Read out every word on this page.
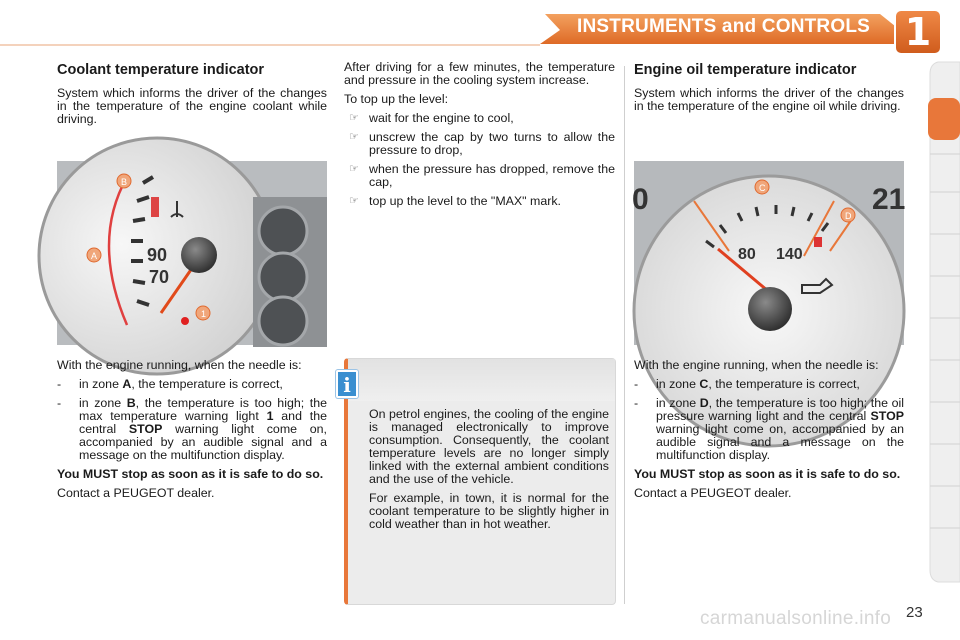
INSTRUMENTS and CONTROLS 1
Coolant temperature indicator

System which informs the driver of the changes in the temperature of the engine coolant while driving.

90
70
B
A
1

With the engine running, when the needle is:

-	in zone A, the temperature is correct,
-	in zone B, the temperature is too high; the max temperature warning light 1 and the central STOP warning light come on, accompanied by an audible signal and a message on the multifunction display.

You MUST stop as soon as it is safe to do so.

Contact a PEUGEOT dealer.

After driving for a few minutes, the temperature and pressure in the cooling system increase.

To top up the level:

☞ wait for the engine to cool,
☞ unscrew the cap by two turns to allow the pressure to drop,
☞ when the pressure has dropped, remove the cap,
☞ top up the level to the "MAX" mark.
i

On petrol engines, the cooling of the engine is managed electronically to improve consumption. Consequently, the coolant temperature levels are no longer simply linked with the external ambient conditions and the use of the vehicle.

For example, in town, it is normal for the coolant temperature to be slightly higher in cold weather than in hot weather.

Engine oil temperature indicator

System which informs the driver of the changes in the temperature of the engine oil while driving.

0	21
80 140
C
D

With the engine running, when the needle is:

-	in zone C, the temperature is correct,
-	in zone D, the temperature is too high; the oil pressure warning light and the central STOP warning light come on, accompanied by an audible signal and a message on the multifunction display.

You MUST stop as soon as it is safe to do so.

Contact a PEUGEOT dealer.

carmanualsonline.info 23
